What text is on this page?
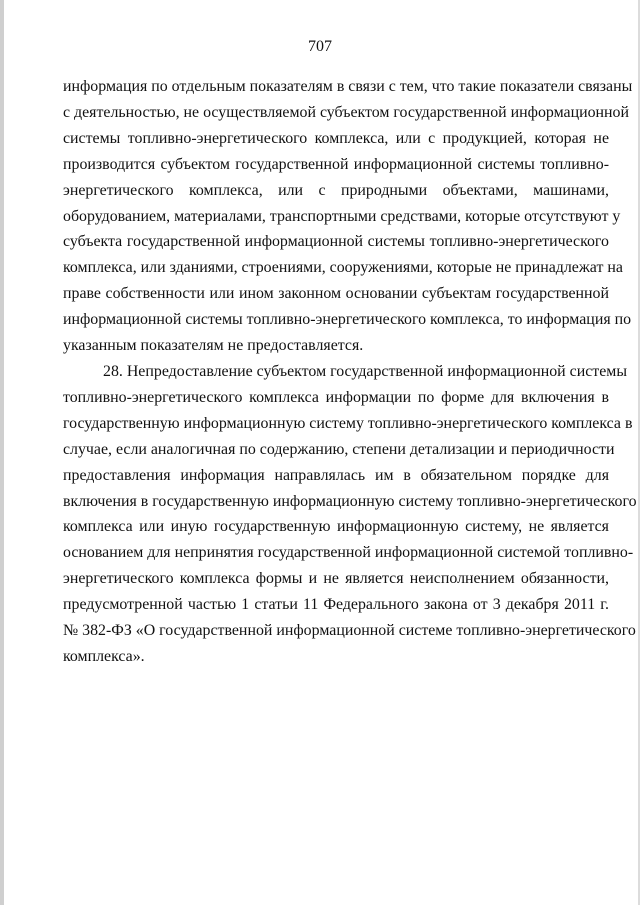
707

информация по отдельным показателям в связи с тем, что такие показатели связаны
с деятельностью, не осуществляемой субъектом государственной информационной
системы топливно-энергетического комплекса, или с продукцией, которая не
производится субъектом государственной информационной системы топливно-
энергетического комплекса, или с природными объектами, машинами,
оборудованием, материалами, транспортными средствами, которые отсутствуют у
субъекта государственной информационной системы топливно-энергетического
комплекса, или зданиями, строениями, сооружениями, которые не принадлежат на
праве собственности или ином законном основании субъектам государственной
информационной системы топливно-энергетического комплекса, то информация по
указанным показателям не предоставляется.

28. Непредоставление субъектом государственной информационной системы
топливно-энергетического комплекса информации по форме для включения в
государственную информационную систему топливно-энергетического комплекса в
случае, если аналогичная по содержанию, степени детализации и периодичности
предоставления информация направлялась им в обязательном порядке для
включения в государственную информационную систему топливно-энергетического
комплекса или иную государственную информационную систему, не является
основанием для непринятия государственной информационной системой топливно-
энергетического комплекса формы и не является неисполнением обязанности,
предусмотренной частью 1 статьи 11 Федерального закона от 3 декабря 2011 г.
№ 382-ФЗ «О государственной информационной системе топливно-энергетического
комплекса».
